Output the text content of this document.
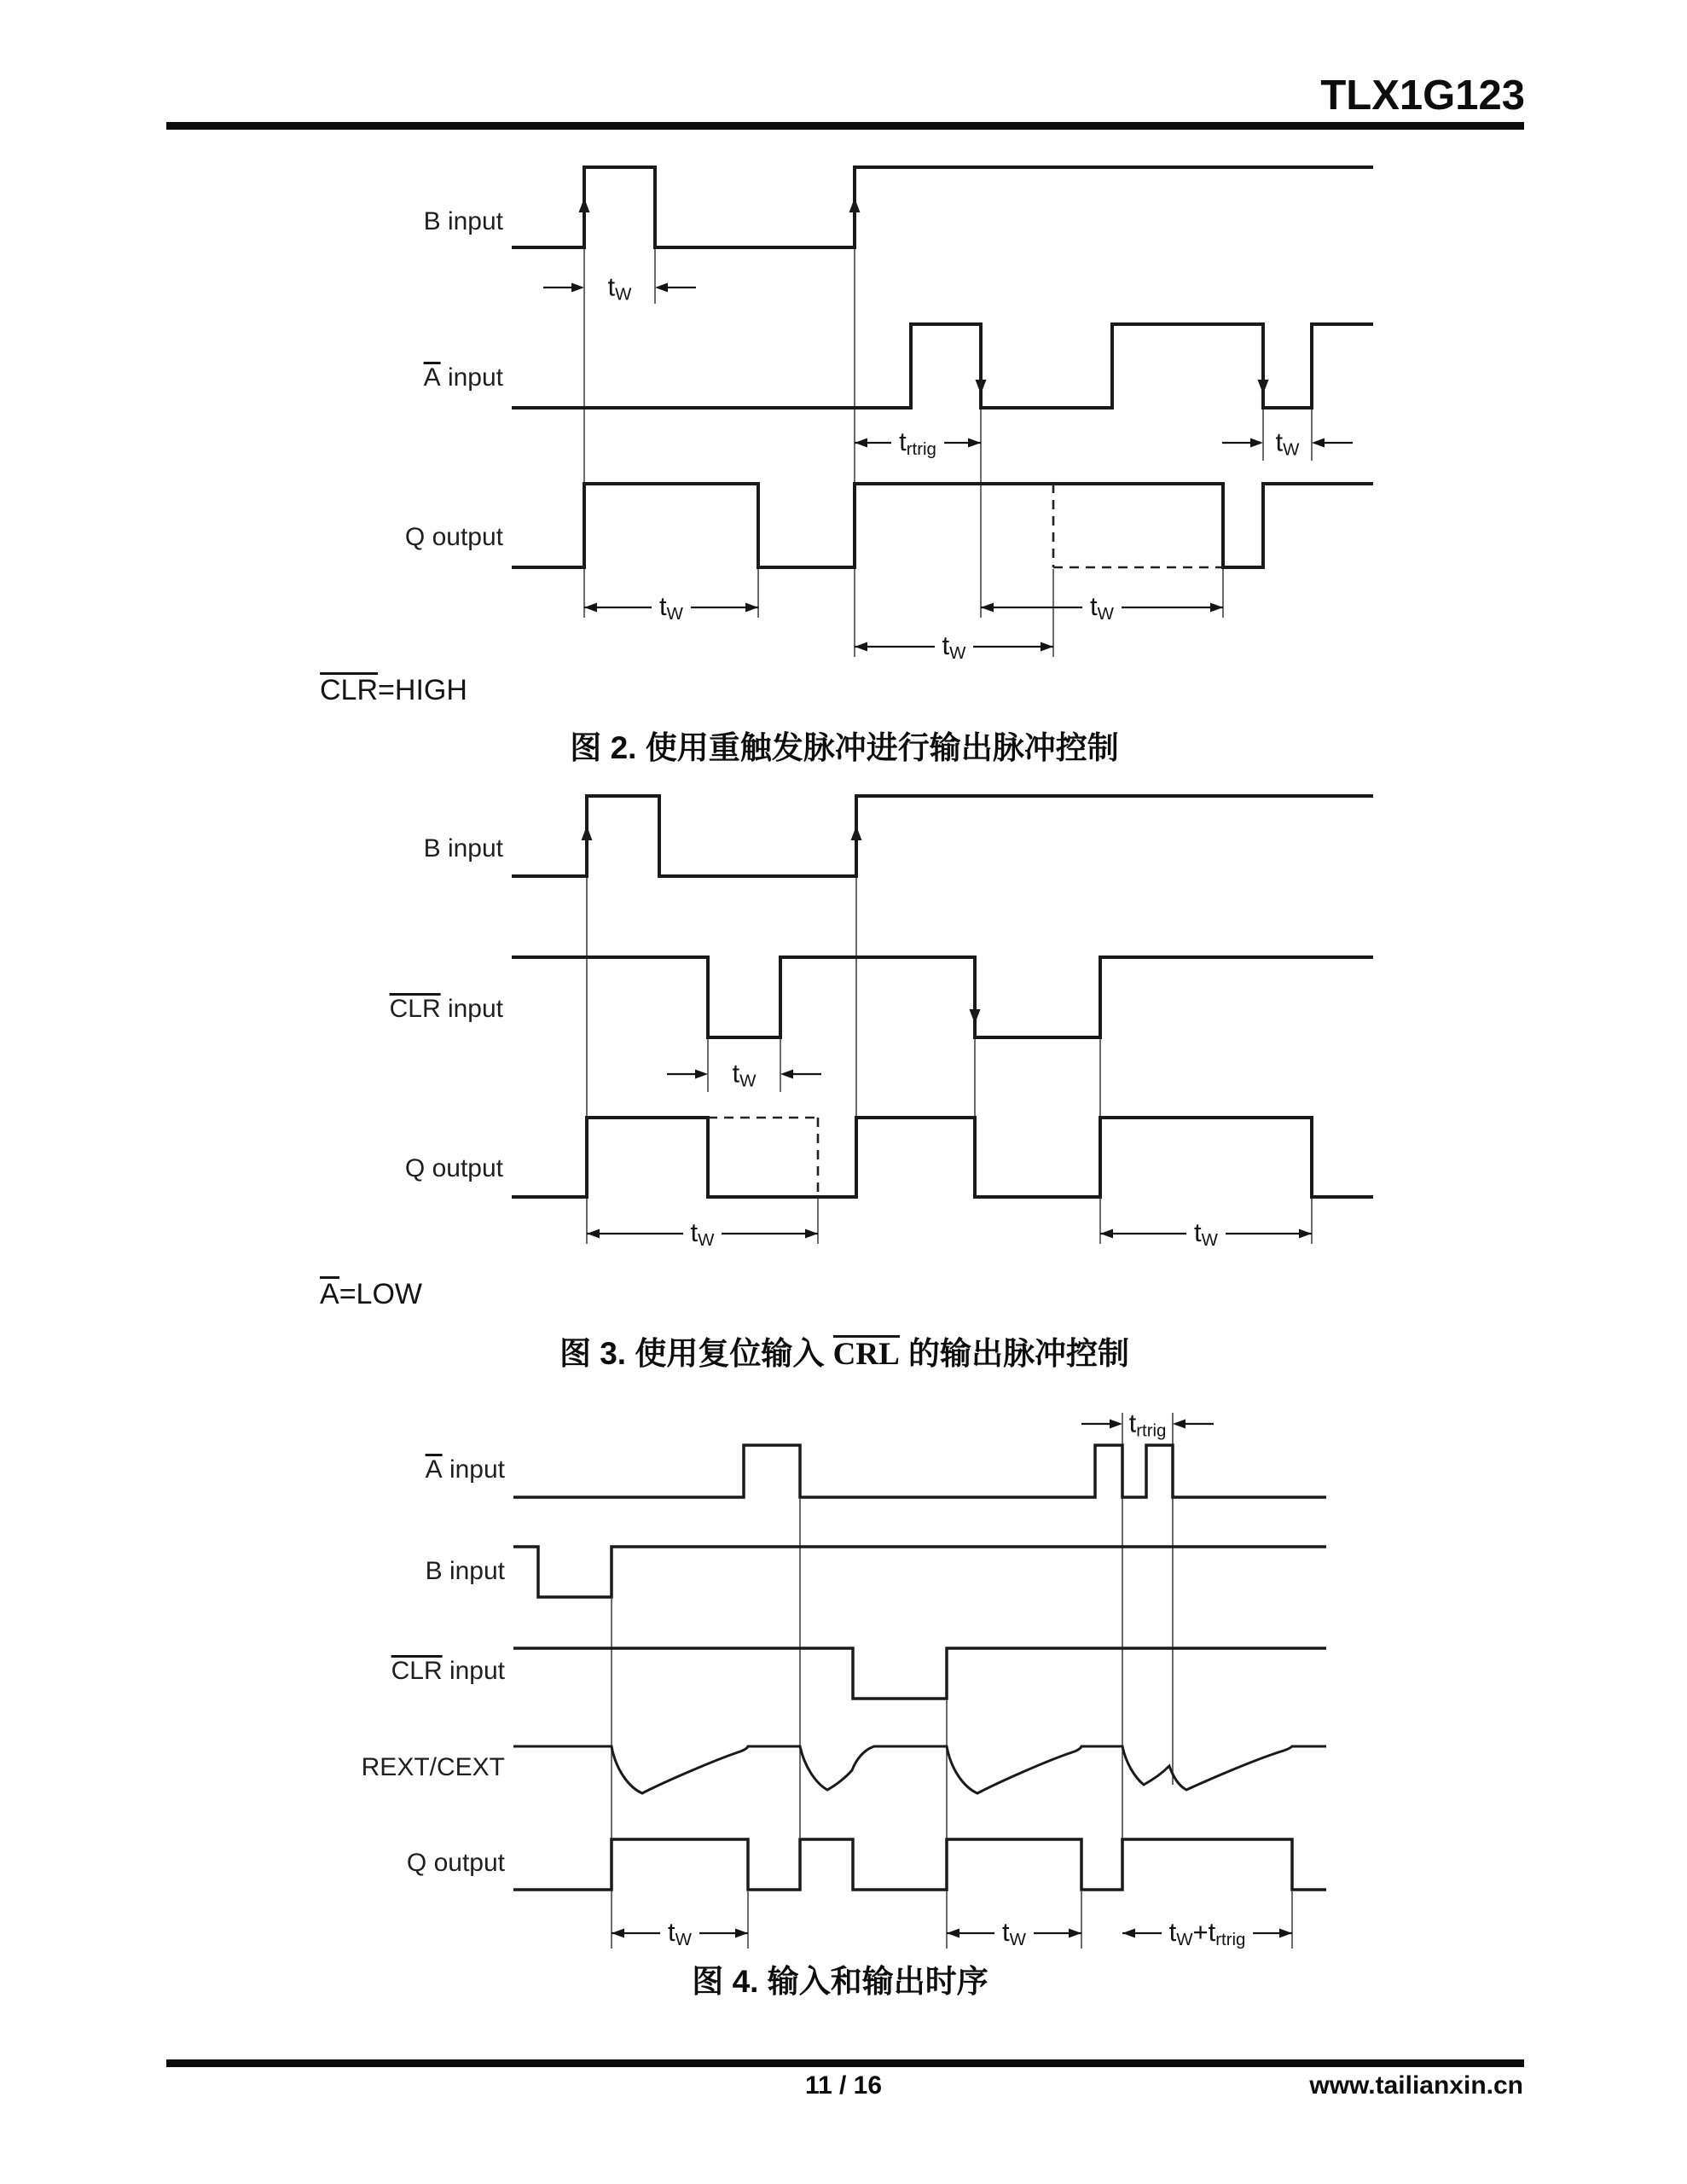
TLX1G123
tW
trtrig	tW
tW	tW
tW
B input
A input
Q output
CLR=HIGH
图 2. 使用重触发脉冲进行输出脉冲控制
tW
tW	tW
B input
CLR input
Q output
A=LOW
图 3. 使用复位输入 CRL 的输出脉冲控制
trtrig
tW	tW	tW+trtrig
A input
B input
CLR input
REXT/CEXT
Q output
图 4. 输入和输出时序
11 / 16	www.tailianxin.cn
